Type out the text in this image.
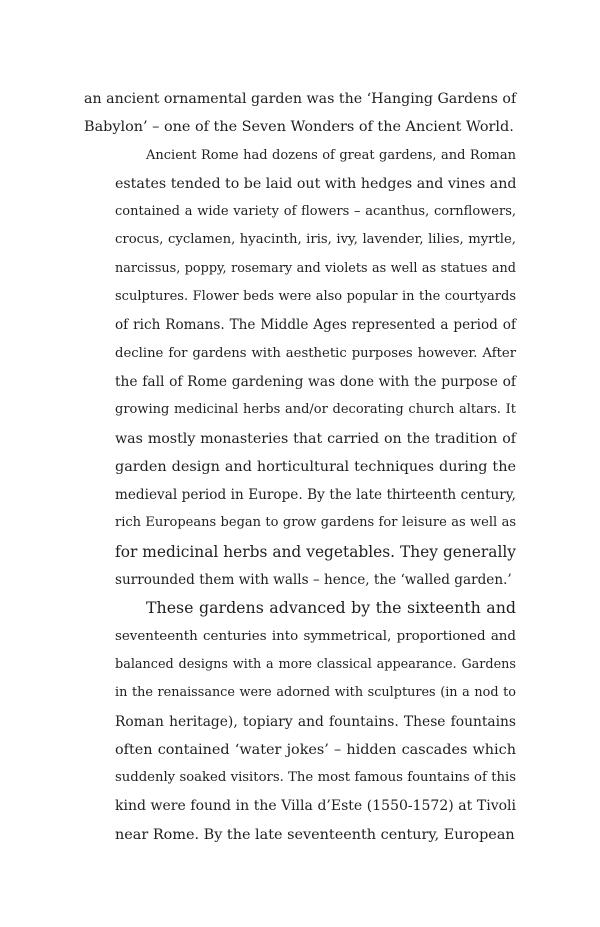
an ancient ornamental garden was the ‘Hanging Gardens of
Babylon’ – one of the Seven Wonders of the Ancient World.
Ancient Rome had dozens of great gardens, and Roman
estates tended to be laid out with hedges and vines and
contained a wide variety of flowers – acanthus, cornflowers,
crocus, cyclamen, hyacinth, iris, ivy, lavender, lilies, myrtle,
narcissus, poppy, rosemary and violets as well as statues and
sculptures. Flower beds were also popular in the courtyards
of rich Romans. The Middle Ages represented a period of
decline for gardens with aesthetic purposes however. After
the fall of Rome gardening was done with the purpose of
growing medicinal herbs and/or decorating church altars. It
was mostly monasteries that carried on the tradition of
garden design and horticultural techniques during the
medieval period in Europe. By the late thirteenth century,
rich Europeans began to grow gardens for leisure as well as
for medicinal herbs and vegetables. They generally
surrounded them with walls – hence, the ‘walled garden.’
These gardens advanced by the sixteenth and
seventeenth centuries into symmetrical, proportioned and
balanced designs with a more classical appearance. Gardens
in the renaissance were adorned with sculptures (in a nod to
Roman heritage), topiary and fountains. These fountains
often contained ‘water jokes’ – hidden cascades which
suddenly soaked visitors. The most famous fountains of this
kind were found in the Villa d’Este (1550-1572) at Tivoli
near Rome. By the late seventeenth century, European
